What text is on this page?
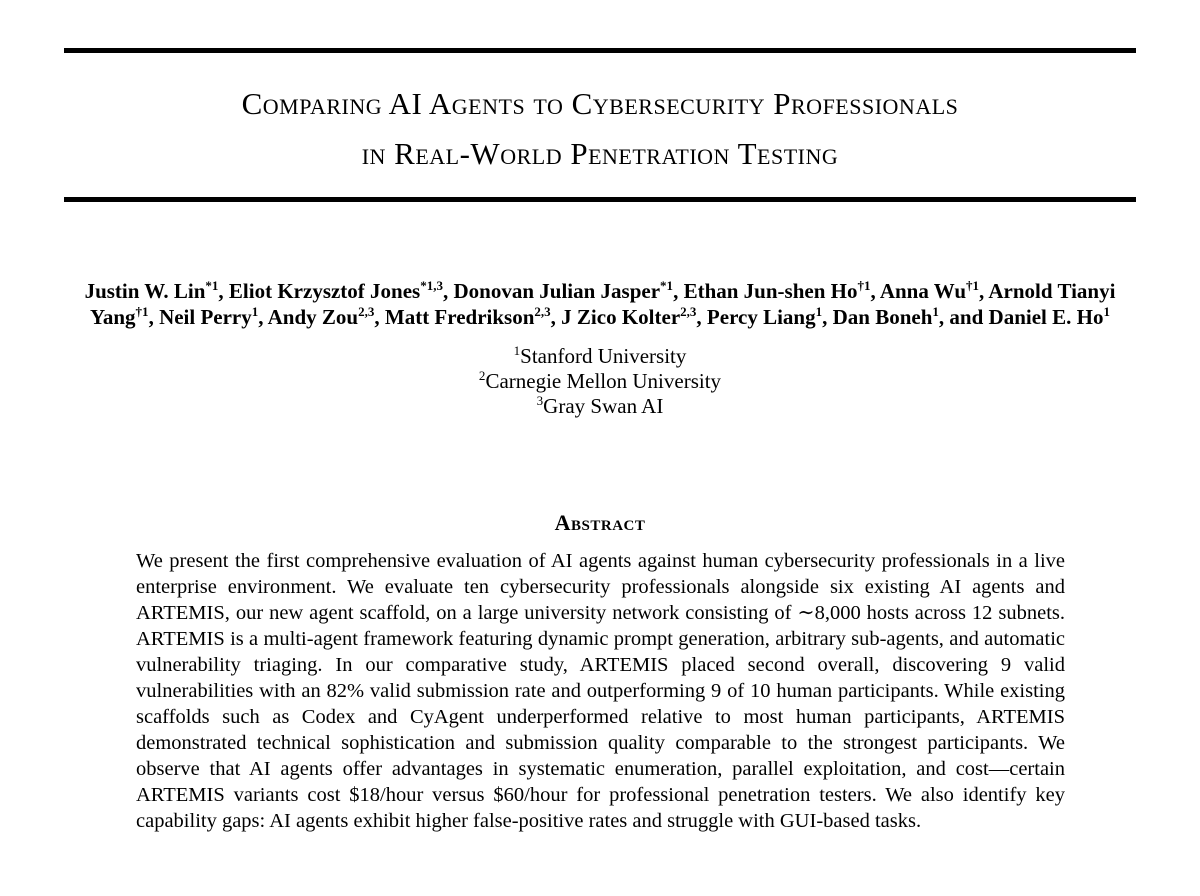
Comparing AI Agents to Cybersecurity Professionals
in Real-World Penetration Testing
Justin W. Lin$^{*1}$, Eliot Krzysztof Jones$^{*1,3}$, Donovan Julian Jasper$^{*1}$, Ethan Jun-shen Ho$^{\dagger 1}$, Anna Wu$^{\dagger 1}$, Arnold Tianyi Yang$^{\dagger 1}$, Neil Perry$^1$, Andy Zou$^{2,3}$, Matt Fredrikson$^{2,3}$, J Zico Kolter$^{2,3}$, Percy Liang$^1$, Dan Boneh$^1$, and Daniel E. Ho$^1$
$^1$Stanford University
$^2$Carnegie Mellon University
$^3$Gray Swan AI
Abstract

We present the first comprehensive evaluation of AI agents against human cybersecurity professionals in a live enterprise environment. We evaluate ten cybersecurity professionals alongside six existing AI agents and ARTEMIS, our new agent scaffold, on a large university network consisting of ∼8,000 hosts across 12 subnets. ARTEMIS is a multi-agent framework featuring dynamic prompt generation, arbitrary sub-agents, and automatic vulnerability triaging. In our comparative study, ARTEMIS placed second overall, discovering 9 valid vulnerabilities with an 82% valid submission rate and outperforming 9 of 10 human participants. While existing scaffolds such as Codex and CyAgent underperformed relative to most human participants, ARTEMIS demonstrated technical sophistication and submission quality comparable to the strongest participants. We observe that AI agents offer advantages in systematic enumeration, parallel exploitation, and cost—certain ARTEMIS variants cost $18/hour versus $60/hour for professional penetration testers. We also identify key capability gaps: AI agents exhibit higher false-positive rates and struggle with GUI-based tasks.
